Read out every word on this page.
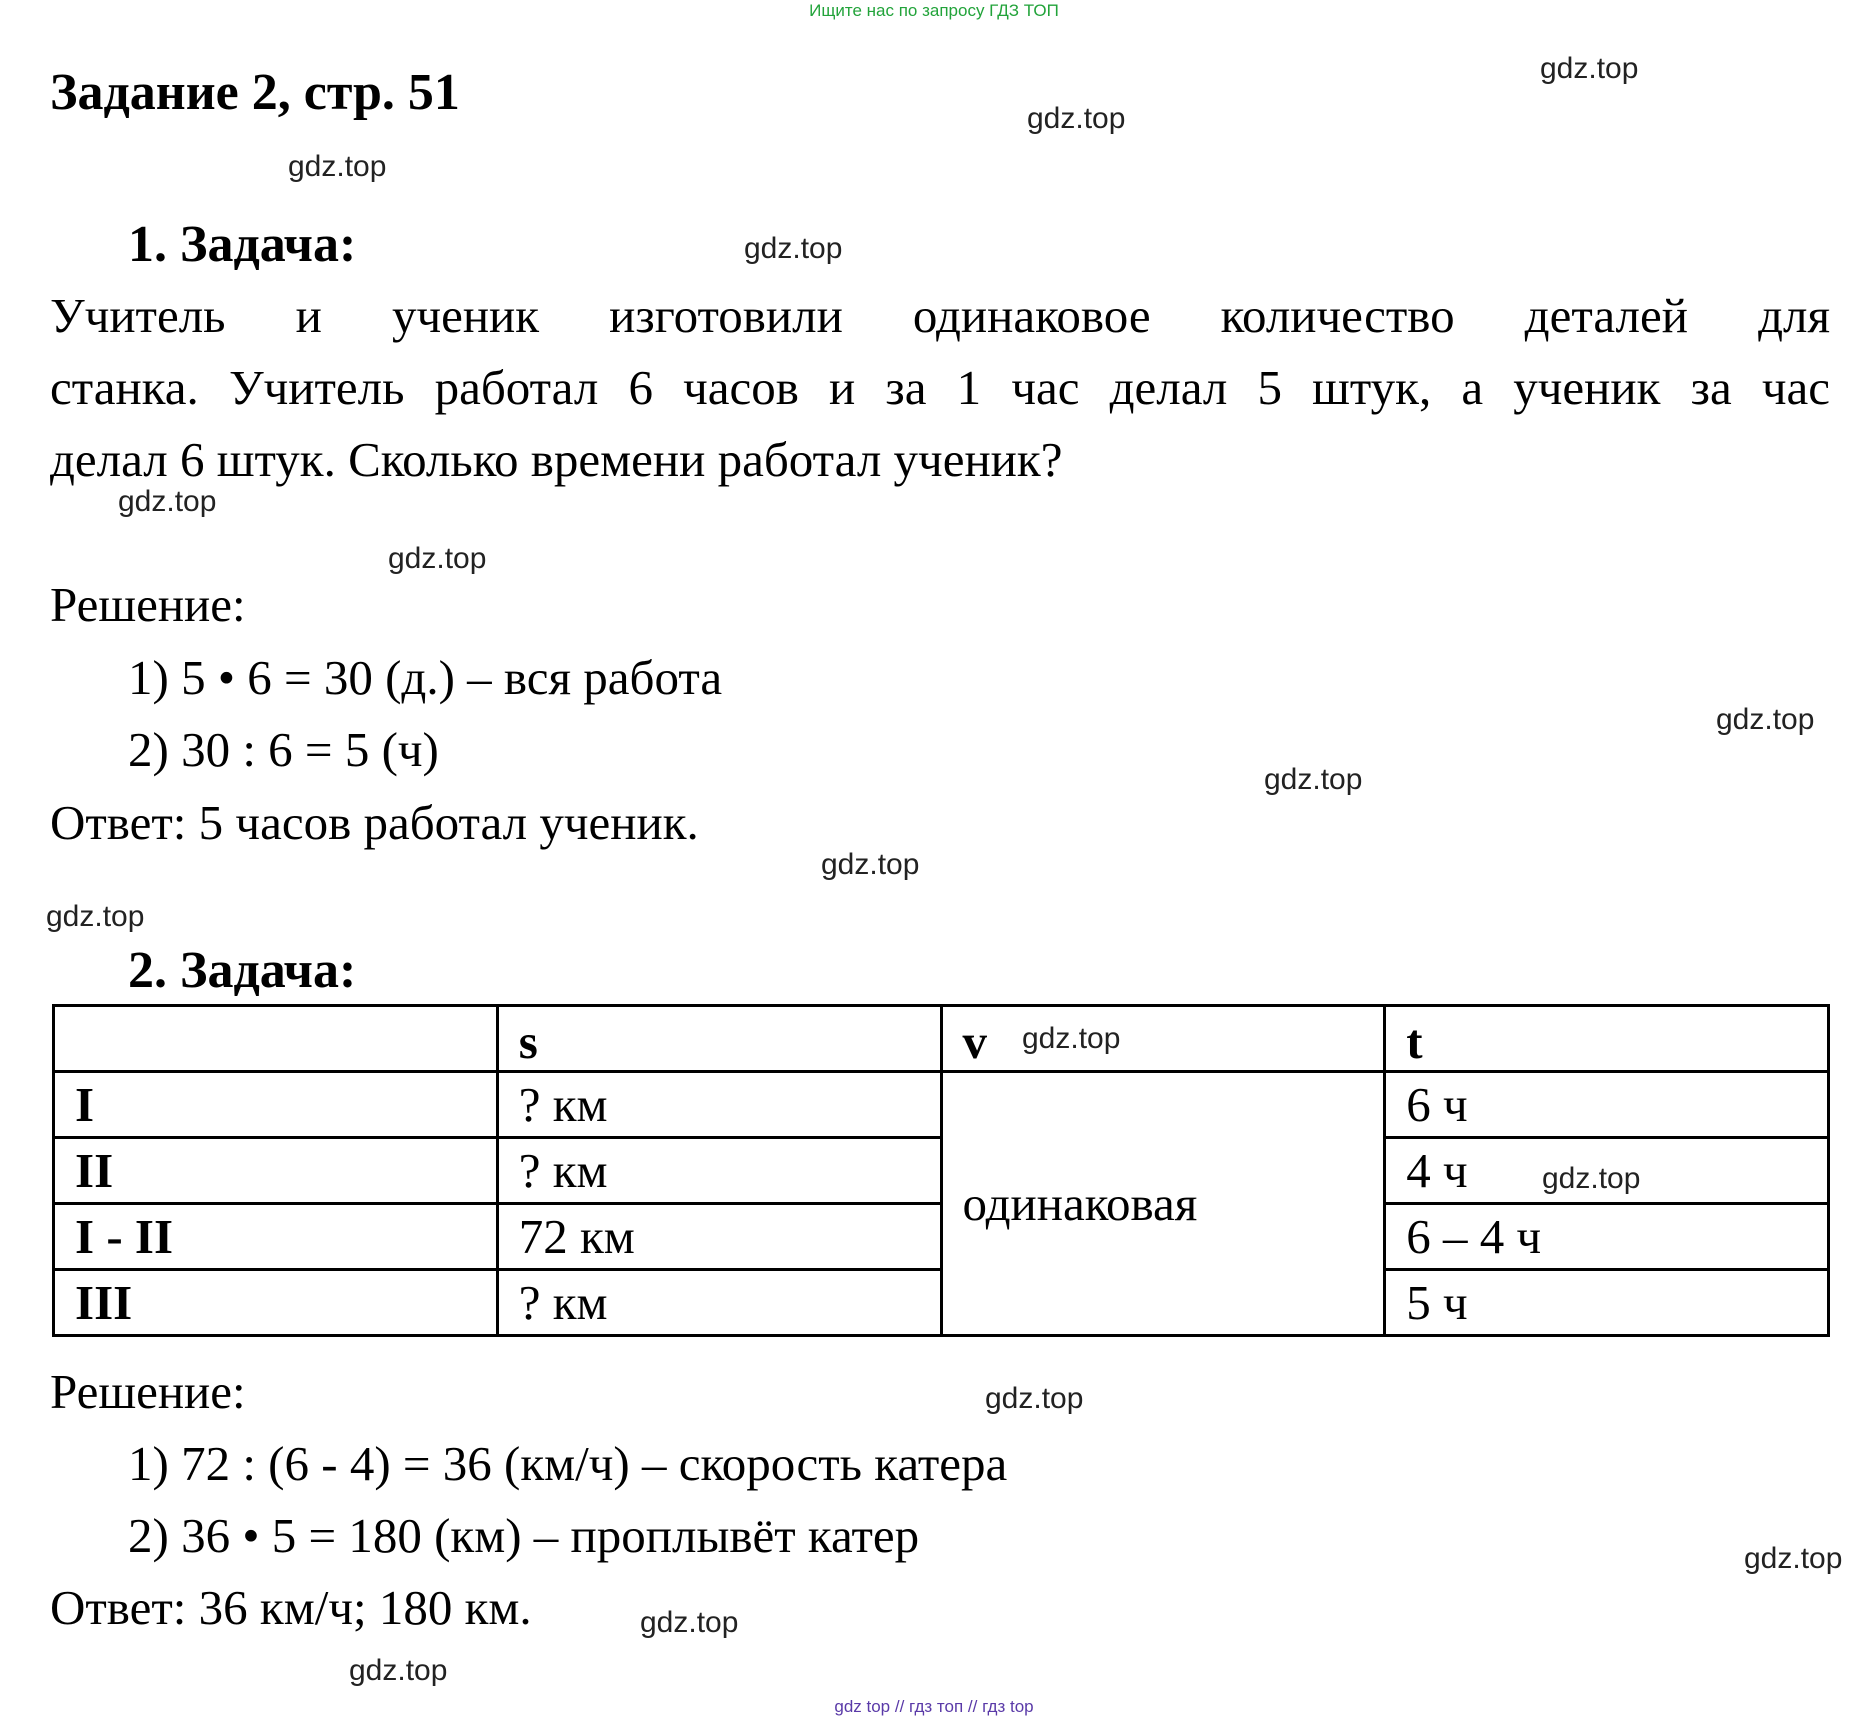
Ищите нас по запросу ГДЗ ТОП
Задание 2, стр. 51
1. Задача:
Учитель и ученик изготовили одинаковое количество деталей для
станка. Учитель работал 6 часов и за 1 час делал 5 штук, а ученик за час
делал 6 штук. Сколько времени работал ученик?
Решение:
1) 5 • 6 = 30 (д.) – вся работа
2) 30 : 6 = 5 (ч)
Ответ: 5 часов работал ученик.
2. Задача:
	s	v	t
I	? км	одинаковая	6 ч
II	? км		4 ч
I - II	72 км		6 – 4 ч
III	? км		5 ч
Решение:
1) 72 : (6 - 4) = 36 (км/ч) – скорость катера
2) 36 • 5 = 180 (км) – проплывёт катер
Ответ: 36 км/ч; 180 км.
gdz.top
gdz.top
gdz.top
gdz.top
gdz.top
gdz.top
gdz.top
gdz.top
gdz.top
gdz.top
gdz.top
gdz.top
gdz.top
gdz.top
gdz.top
gdz.top
gdz top // гдз топ // гдз top
